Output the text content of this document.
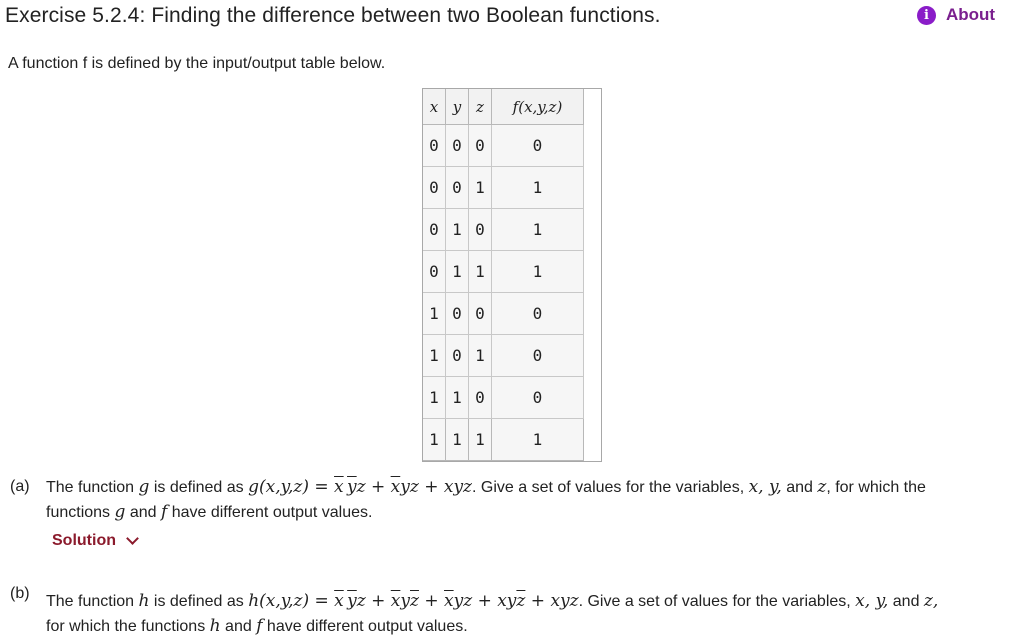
Exercise 5.2.4: Finding the difference between two Boolean functions.	i	About
A function f is defined by the input/output table below.
x	y	z	f(x,y,z)
0	0	0	0
0	0	1	1
0	1	0	1
0	1	1	1
1	0	0	0
1	0	1	0
1	1	0	0
1	1	1	1
(a) The function g is defined as $g(x,y,z) = \overline{x}$  $\overline{y}z + \overline{x}yz$ + xyz. Give a set of values for the variables, x, y, and z, for which the
functions g and f have different output values.
Solution
(b) The function h is defined as $h(x,y,z) = \overline{x}$  $\overline{y}z + \overline{x}y\overline{z} + \overline{x}yz + xy\overline{z}$ + xyz. Give a set of values for the variables, x, y, and z,
for which the functions h and f have different output values.
